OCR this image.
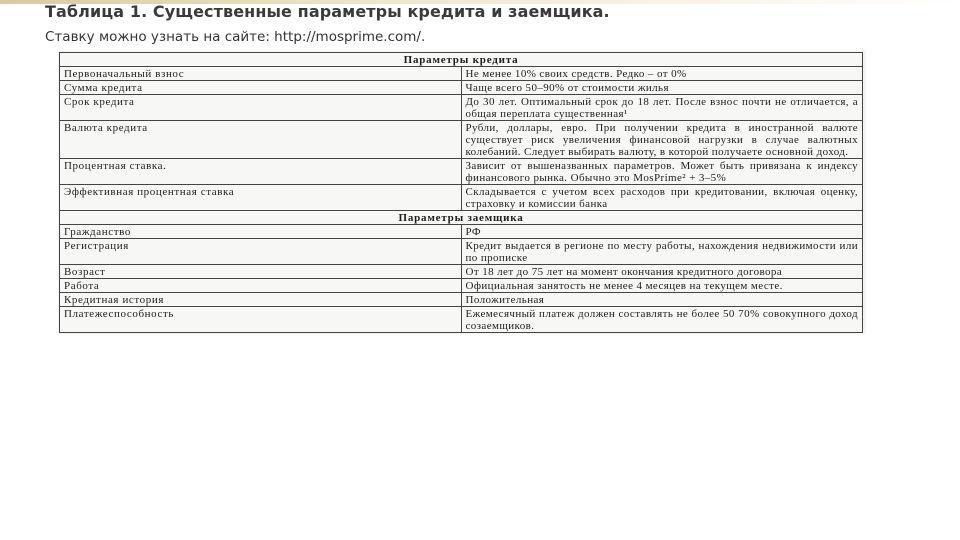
Таблица 1. Существенные параметры кредита и заемщика.
Ставку можно узнать на сайте: http://mosprime.com/.
Параметры кредита	
Первоначальный взнос	Не менее 10% своих средств. Редко – от 0%
Сумма кредита	Чаще всего 50–90% от стоимости жилья
Срок кредита	До 30 лет. Оптимальный срок до 18 лет. После взнос почти не отличается, а общая переплата существенная¹
Валюта кредита	Рубли, доллары, евро. При получении кредита в иностранной валюте существует риск увеличения финансовой нагрузки в случае валютных колебаний. Следует выбирать валюту, в которой получаете основной доход.
Процентная ставка.	Зависит от вышеназванных параметров. Может быть привязана к индексу финансового рынка. Обычно это MosPrime² + 3–5%
Эффективная процентная ставка	Складывается с учетом всех расходов при кредитовании, включая оценку, страховку и комиссии банка
Параметры заемщика	
Гражданство	РФ
Регистрация	Кредит выдается в регионе по месту работы, нахождения недвижимости или по прописке
Возраст	От 18 лет до 75 лет на момент окончания кредитного договора
Работа	Официальная занятость не менее 4 месяцев на текущем месте.
Кредитная история	Положительная
Платежеспособность	Ежемесячный платеж должен составлять не более 50 70% совокупного доход созаемщиков.
